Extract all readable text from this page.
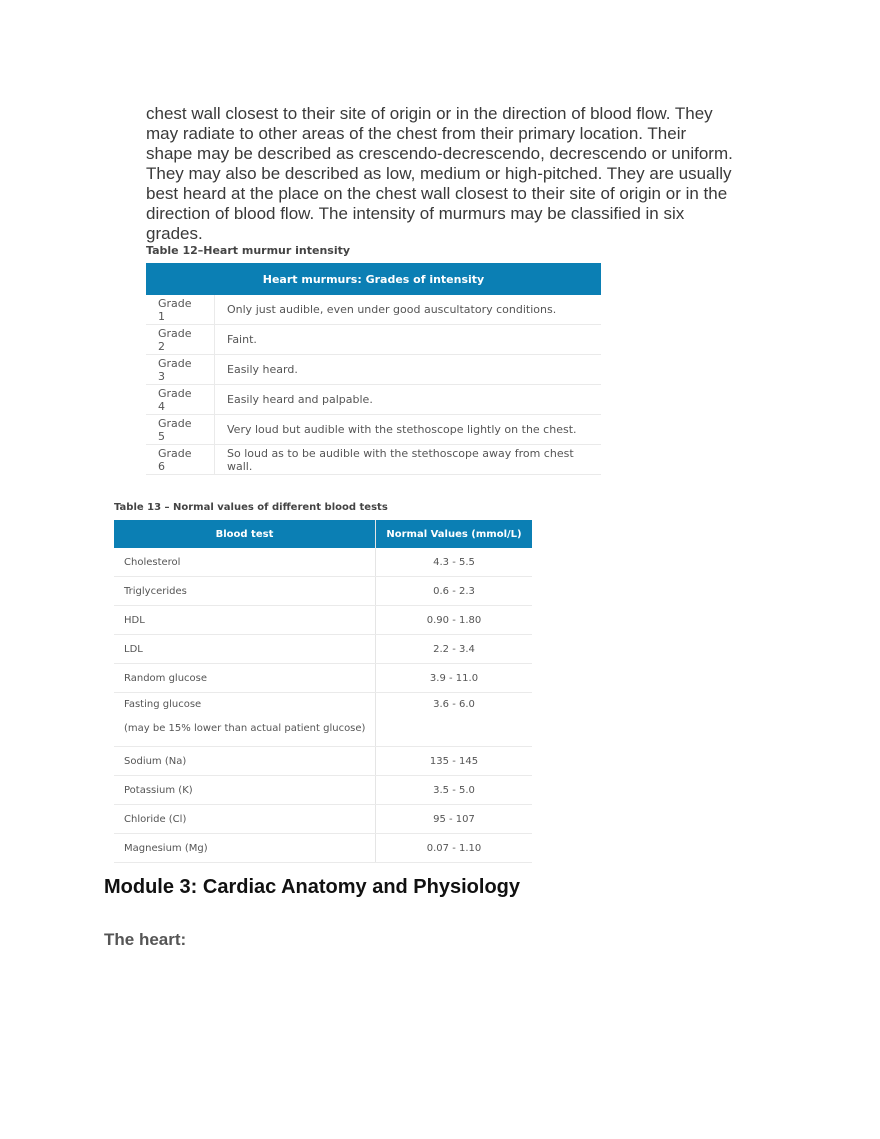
chest wall closest to their site of origin or in the direction of blood flow. They may radiate to other areas of the chest from their primary location. Their shape may be described as crescendo-decrescendo, decrescendo or uniform. They may also be described as low, medium or high-pitched. They are usually best heard at the place on the chest wall closest to their site of origin or in the direction of blood flow. The intensity of murmurs may be classified in six grades.

Table 12–Heart murmur intensity
Heart murmurs: Grades of intensity	
Grade 1	Only just audible, even under good auscultatory conditions.
Grade 2	Faint.
Grade 3	Easily heard.
Grade 4	Easily heard and palpable.
Grade 5	Very loud but audible with the stethoscope lightly on the chest.
Grade 6	So loud as to be audible with the stethoscope away from chest wall.
Table 13 – Normal values of different blood tests
Blood test	Normal Values (mmol/L)
Cholesterol	4.3 - 5.5
Triglycerides	0.6 - 2.3
HDL	0.90 - 1.80
LDL	2.2 - 3.4
Random glucose	3.9 - 11.0
Fasting glucose
(may be 15% lower than actual patient glucose)	3.6 - 6.0
Sodium (Na)	135 - 145
Potassium (K)	3.5 - 5.0
Chloride (Cl)	95 - 107
Magnesium (Mg)	0.07 - 1.10
Module 3: Cardiac Anatomy and Physiology
The heart:
